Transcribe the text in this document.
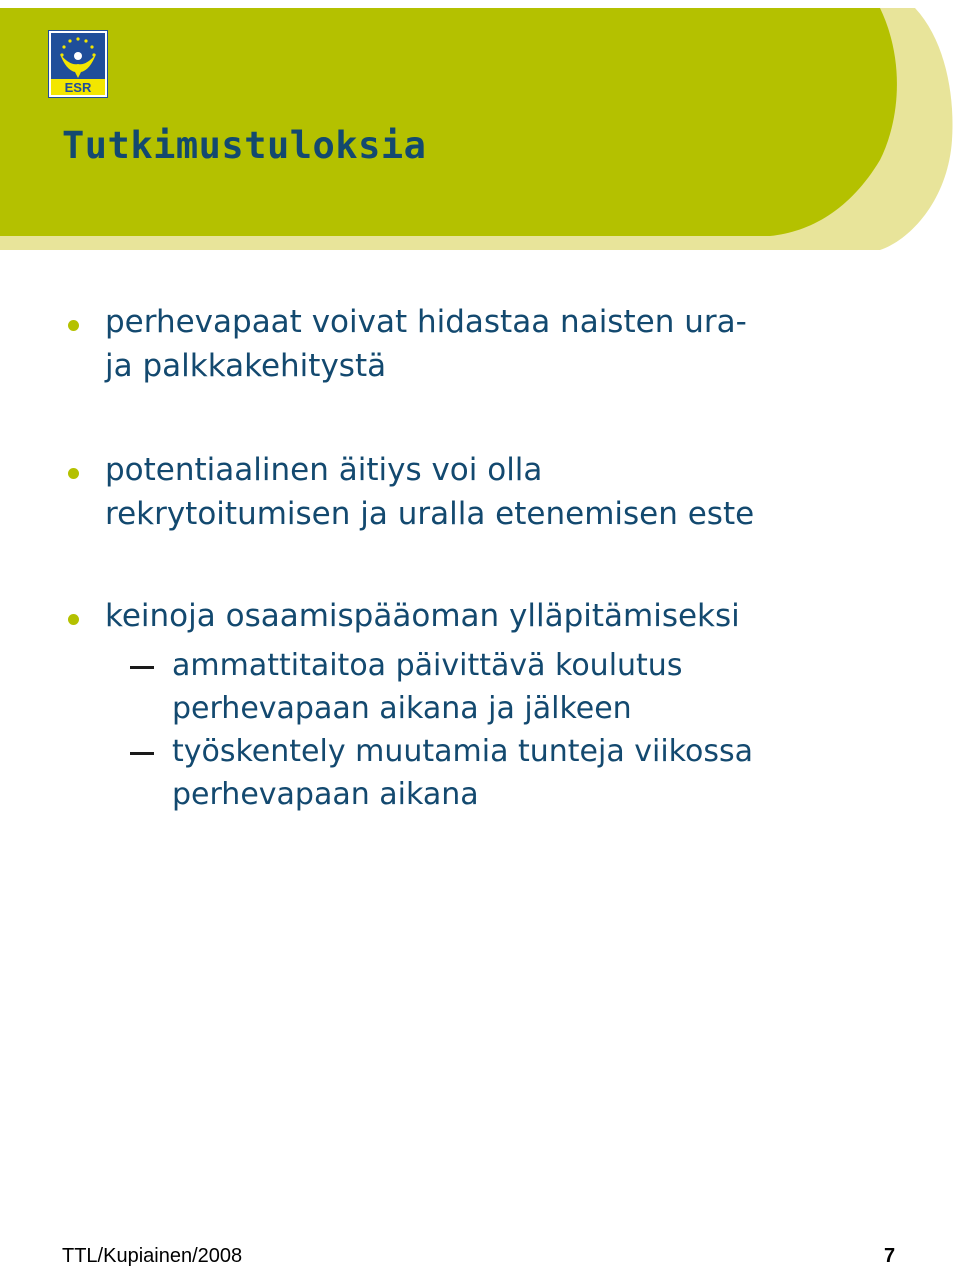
ESR
Tutkimustuloksia
perhevapaat voivat hidastaa naisten ura-
ja palkkakehitystä
potentiaalinen äitiys voi olla
rekrytoitumisen ja uralla etenemisen este
keinoja osaamispääoman ylläpitämiseksi
ammattitaitoa päivittävä koulutus
perhevapaan aikana ja jälkeen
työskentely muutamia tunteja viikossa
perhevapaan aikana
TTL/Kupiainen/2008	7
